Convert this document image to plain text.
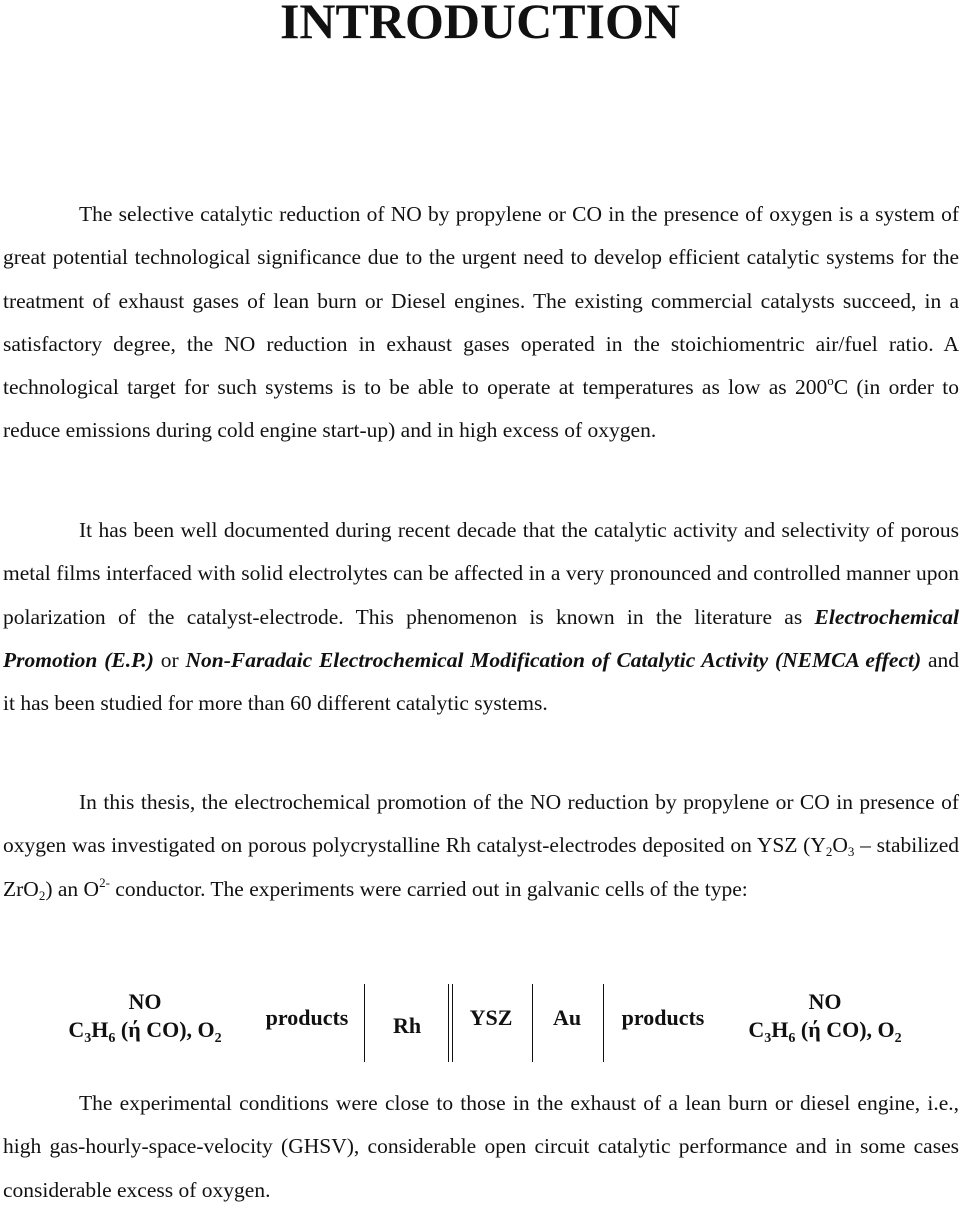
INTRODUCTION

The selective catalytic reduction of NO by propylene or CO in the presence of oxygen is a system of great potential technological significance due to the urgent need to develop efficient catalytic systems for the treatment of exhaust gases of lean burn or Diesel engines. The existing commercial catalysts succeed, in a satisfactory degree, the NO reduction in exhaust gases operated in the stoichiomentric air/fuel ratio. A technological target for such systems is to be able to operate at temperatures as low as 200$^o$C (in order to reduce emissions during cold engine start-up) and in high excess of oxygen.

It has been well documented during recent decade that the catalytic activity and selectivity of porous metal films interfaced with solid electrolytes can be affected in a very pronounced and controlled manner upon polarization of the catalyst-electrode. This phenomenon is known in the literature as Electrochemical Promotion (E.P.) or Non-Faradaic Electrochemical Modification of Catalytic Activity (NEMCA effect) and it has been studied for more than 60 different catalytic systems.

In this thesis, the electrochemical promotion of the NO reduction by propylene or CO in presence of oxygen was investigated on porous polycrystalline Rh catalyst-electrodes deposited on YSZ ($Y_2O_3$ – stabilized ZrO$_2$) an $O^{2-}$ conductor. The experiments were carried out in galvanic cells of the type:

NO
$C_3H_6$ (ή CO), $O_2$
products	Rh	YSZ	Au	products
NO
$C_3H_6$ (ή CO), $O_2$

The experimental conditions were close to those in the exhaust of a lean burn or diesel engine, i.e., high gas-hourly-space-velocity (GHSV), considerable open circuit catalytic performance and in some cases considerable excess of oxygen.
